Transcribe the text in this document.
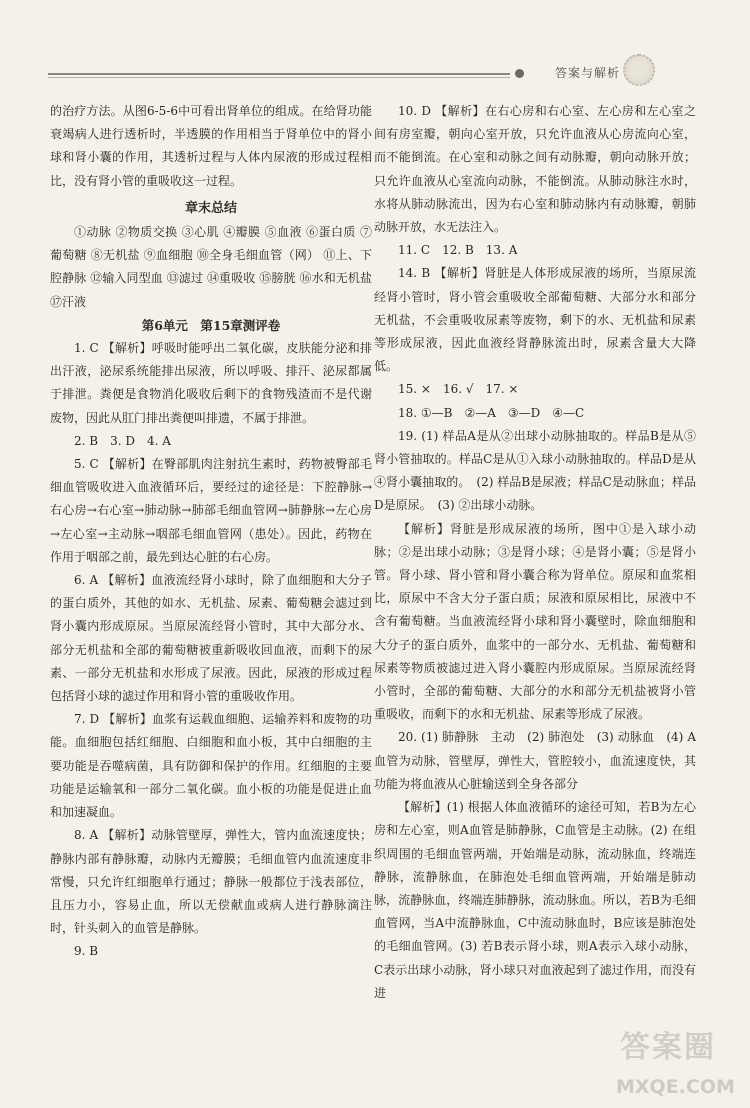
答案与解析

的治疗方法。从图6-5-6中可看出肾单位的组成。在给肾功能衰竭病人进行透析时，半透膜的作用相当于肾单位中的肾小球和肾小囊的作用，其透析过程与人体内尿液的形成过程相比，没有肾小管的重吸收这一过程。

章末总结

①动脉 ②物质交换 ③心肌 ④瓣膜 ⑤血液 ⑥蛋白质 ⑦葡萄糖 ⑧无机盐 ⑨血细胞 ⑩全身毛细血管（网） ⑪上、下腔静脉 ⑫输入同型血 ⑬滤过 ⑭重吸收 ⑮膀胱 ⑯水和无机盐 ⑰汗液

第6单元　第15章测评卷

1. C 【解析】呼吸时能呼出二氧化碳，皮肤能分泌和排出汗液，泌尿系统能排出尿液，所以呼吸、排汗、泌尿都属于排泄。粪便是食物消化吸收后剩下的食物残渣而不是代谢废物，因此从肛门排出粪便叫排遗，不属于排泄。

2. B　3. D　4. A

5. C 【解析】在臀部肌肉注射抗生素时，药物被臀部毛细血管吸收进入血液循环后，要经过的途径是：下腔静脉→右心房→右心室→肺动脉→肺部毛细血管网→肺静脉→左心房→左心室→主动脉→咽部毛细血管网（患处）。因此，药物在作用于咽部之前，最先到达心脏的右心房。

6. A 【解析】血液流经肾小球时，除了血细胞和大分子的蛋白质外，其他的如水、无机盐、尿素、葡萄糖会滤过到肾小囊内形成原尿。当原尿流经肾小管时，其中大部分水、部分无机盐和全部的葡萄糖被重新吸收回血液，而剩下的尿素、一部分无机盐和水形成了尿液。因此，尿液的形成过程包括肾小球的滤过作用和肾小管的重吸收作用。

7. D 【解析】血浆有运载血细胞、运输养料和废物的功能。血细胞包括红细胞、白细胞和血小板，其中白细胞的主要功能是吞噬病菌，具有防御和保护的作用。红细胞的主要功能是运输氧和一部分二氧化碳。血小板的功能是促进止血和加速凝血。

8. A 【解析】动脉管壁厚，弹性大，管内血流速度快；静脉内部有静脉瓣，动脉内无瓣膜；毛细血管内血流速度非常慢，只允许红细胞单行通过；静脉一般都位于浅表部位，且压力小，容易止血，所以无偿献血或病人进行静脉滴注时，针头刺入的血管是静脉。

9. B

10. D 【解析】在右心房和右心室、左心房和左心室之间有房室瓣，朝向心室开放，只允许血液从心房流向心室，而不能倒流。在心室和动脉之间有动脉瓣，朝向动脉开放；只允许血液从心室流向动脉，不能倒流。从肺动脉注水时，水将从肺动脉流出，因为右心室和肺动脉内有动脉瓣，朝肺动脉开放，水无法注入。

11. C　12. B　13. A

14. B 【解析】肾脏是人体形成尿液的场所，当原尿流经肾小管时，肾小管会重吸收全部葡萄糖、大部分水和部分无机盐，不会重吸收尿素等废物，剩下的水、无机盐和尿素等形成尿液，因此血液经肾静脉流出时，尿素含量大大降低。

15. ×　16. √　17. ×

18. ①—B　②—A　③—D　④—C

19. (1) 样品A是从②出球小动脉抽取的。样品B是从⑤肾小管抽取的。样品C是从①入球小动脉抽取的。样品D是从④肾小囊抽取的。　(2) 样品B是尿液；样品C是动脉血；样品D是原尿。　(3) ②出球小动脉。

【解析】肾脏是形成尿液的场所，图中①是入球小动脉；②是出球小动脉；③是肾小球；④是肾小囊；⑤是肾小管。肾小球、肾小管和肾小囊合称为肾单位。原尿和血浆相比，原尿中不含大分子蛋白质；尿液和原尿相比，尿液中不含有葡萄糖。当血液流经肾小球和肾小囊壁时，除血细胞和大分子的蛋白质外，血浆中的一部分水、无机盐、葡萄糖和尿素等物质被滤过进入肾小囊腔内形成原尿。当原尿流经肾小管时，全部的葡萄糖、大部分的水和部分无机盐被肾小管重吸收，而剩下的水和无机盐、尿素等形成了尿液。

20. (1) 肺静脉　主动　(2) 肺泡处　(3) 动脉血　(4) A 血管为动脉，管壁厚，弹性大，管腔较小，血流速度快，其功能为将血液从心脏输送到全身各部分

【解析】(1) 根据人体血液循环的途径可知，若B为左心房和左心室，则A血管是肺静脉，C血管是主动脉。(2) 在组织周围的毛细血管两端，开始端是动脉，流动脉血，终端连静脉，流静脉血，在肺泡处毛细血管两端，开始端是肺动脉，流静脉血，终端连肺静脉，流动脉血。所以，若B为毛细血管网，当A中流静脉血，C中流动脉血时，B应该是肺泡处的毛细血管网。(3) 若B表示肾小球，则A表示入球小动脉，C表示出球小动脉，肾小球只对血液起到了滤过作用，而没有进

答案圈
MXQE.COM
